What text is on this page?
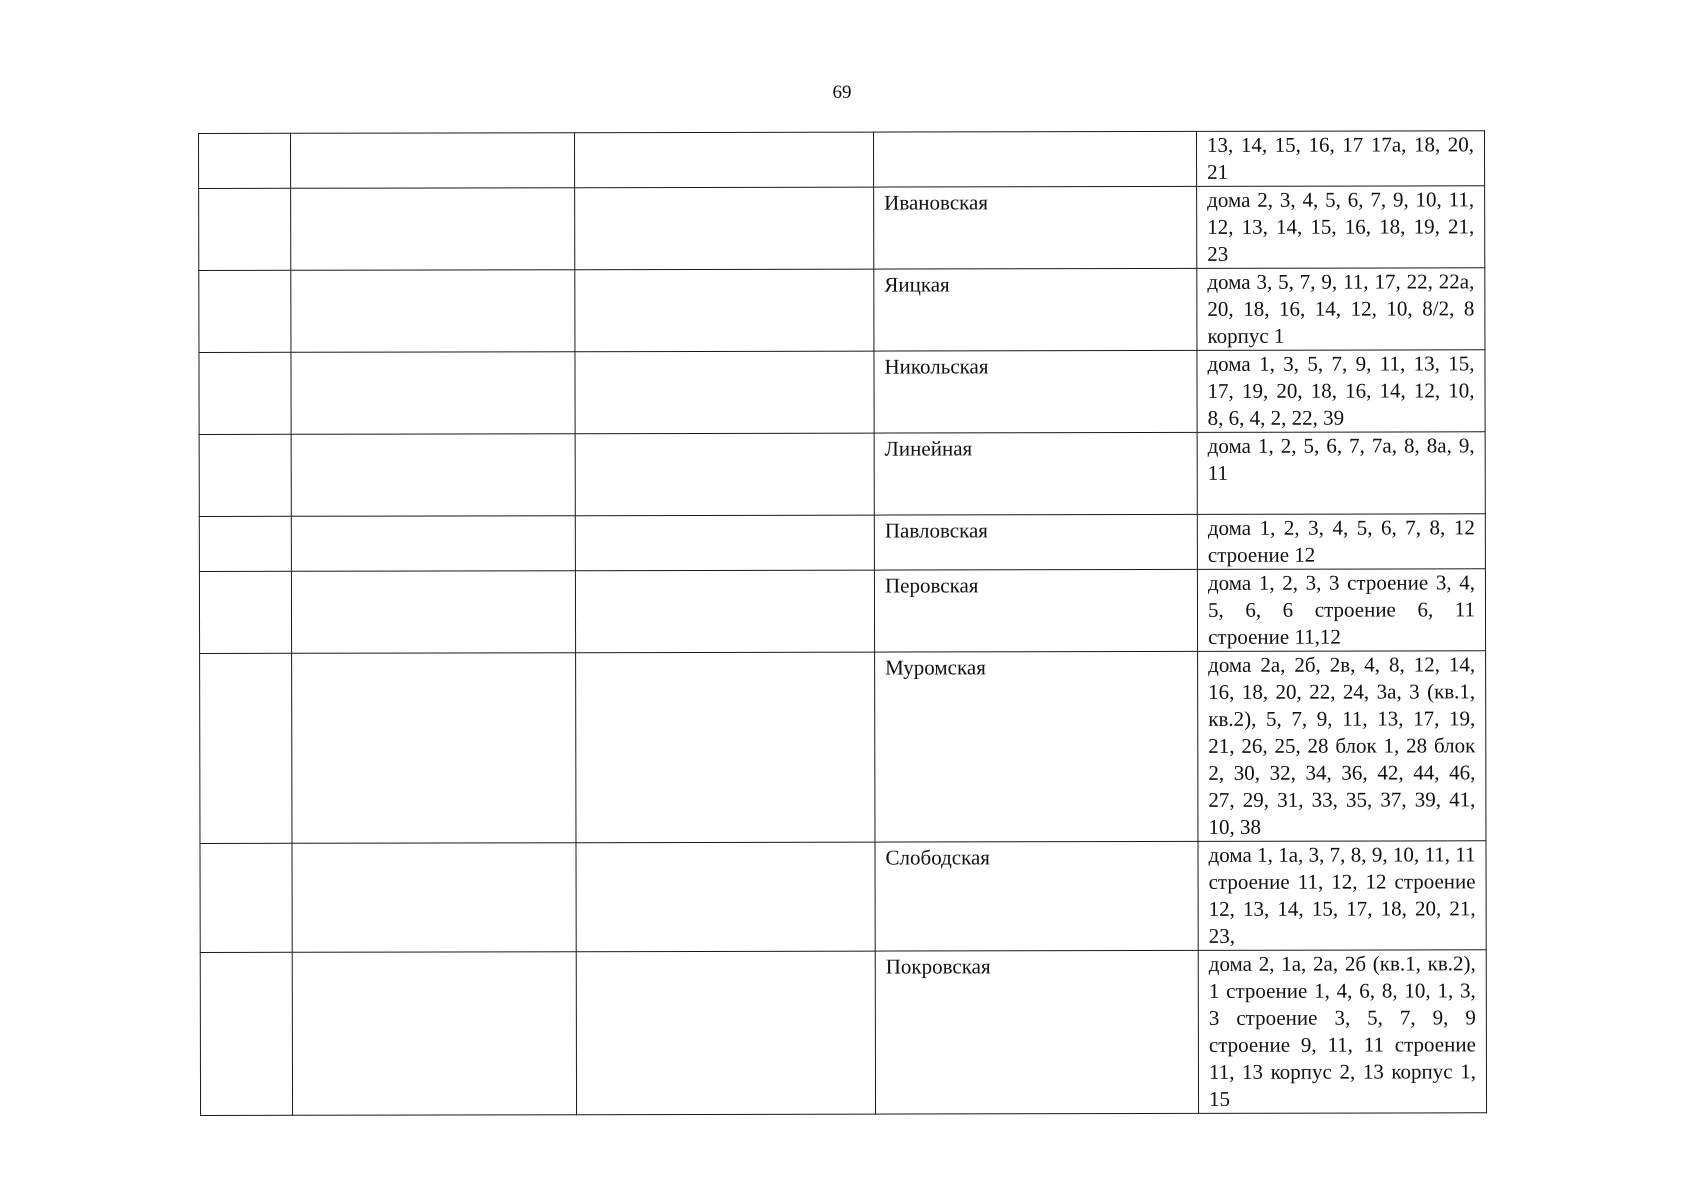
69
				13, 14, 15, 16, 17 17а, 18, 20, 21
			Ивановская	дома 2, 3, 4, 5, 6, 7, 9, 10, 11, 12, 13, 14, 15, 16, 18, 19, 21, 23
			Яицкая	дома 3, 5, 7, 9, 11, 17, 22, 22а, 20, 18, 16, 14, 12, 10, 8/2, 8 корпус 1
			Никольская	дома 1, 3, 5, 7, 9, 11, 13, 15, 17, 19, 20, 18, 16, 14, 12, 10, 8, 6, 4, 2, 22, 39
			Линейная	дома 1, 2, 5, 6, 7, 7а, 8, 8а, 9, 11
			Павловская	дома 1, 2, 3, 4, 5, 6, 7, 8, 12 строение 12
			Перовская	дома 1, 2, 3, 3 строение 3, 4, 5, 6, 6 строение 6, 11 строение 11,12
			Муромская	дома 2а, 2б, 2в, 4, 8, 12, 14, 16, 18, 20, 22, 24, 3а, 3 (кв.1, кв.2), 5, 7, 9, 11, 13, 17, 19, 21, 26, 25, 28 блок 1, 28 блок 2, 30, 32, 34, 36, 42, 44, 46, 27, 29, 31, 33, 35, 37, 39, 41, 10, 38
			Слободская	дома 1, 1а, 3, 7, 8, 9, 10, 11, 11 строение 11, 12, 12 строение 12, 13, 14, 15, 17, 18, 20, 21, 23,
			Покровская	дома 2, 1а, 2а, 2б (кв.1, кв.2), 1 строение 1, 4, 6, 8, 10, 1, 3, 3 строение 3, 5, 7, 9, 9 строение 9, 11, 11 строение 11, 13 корпус 2, 13 корпус 1, 15
